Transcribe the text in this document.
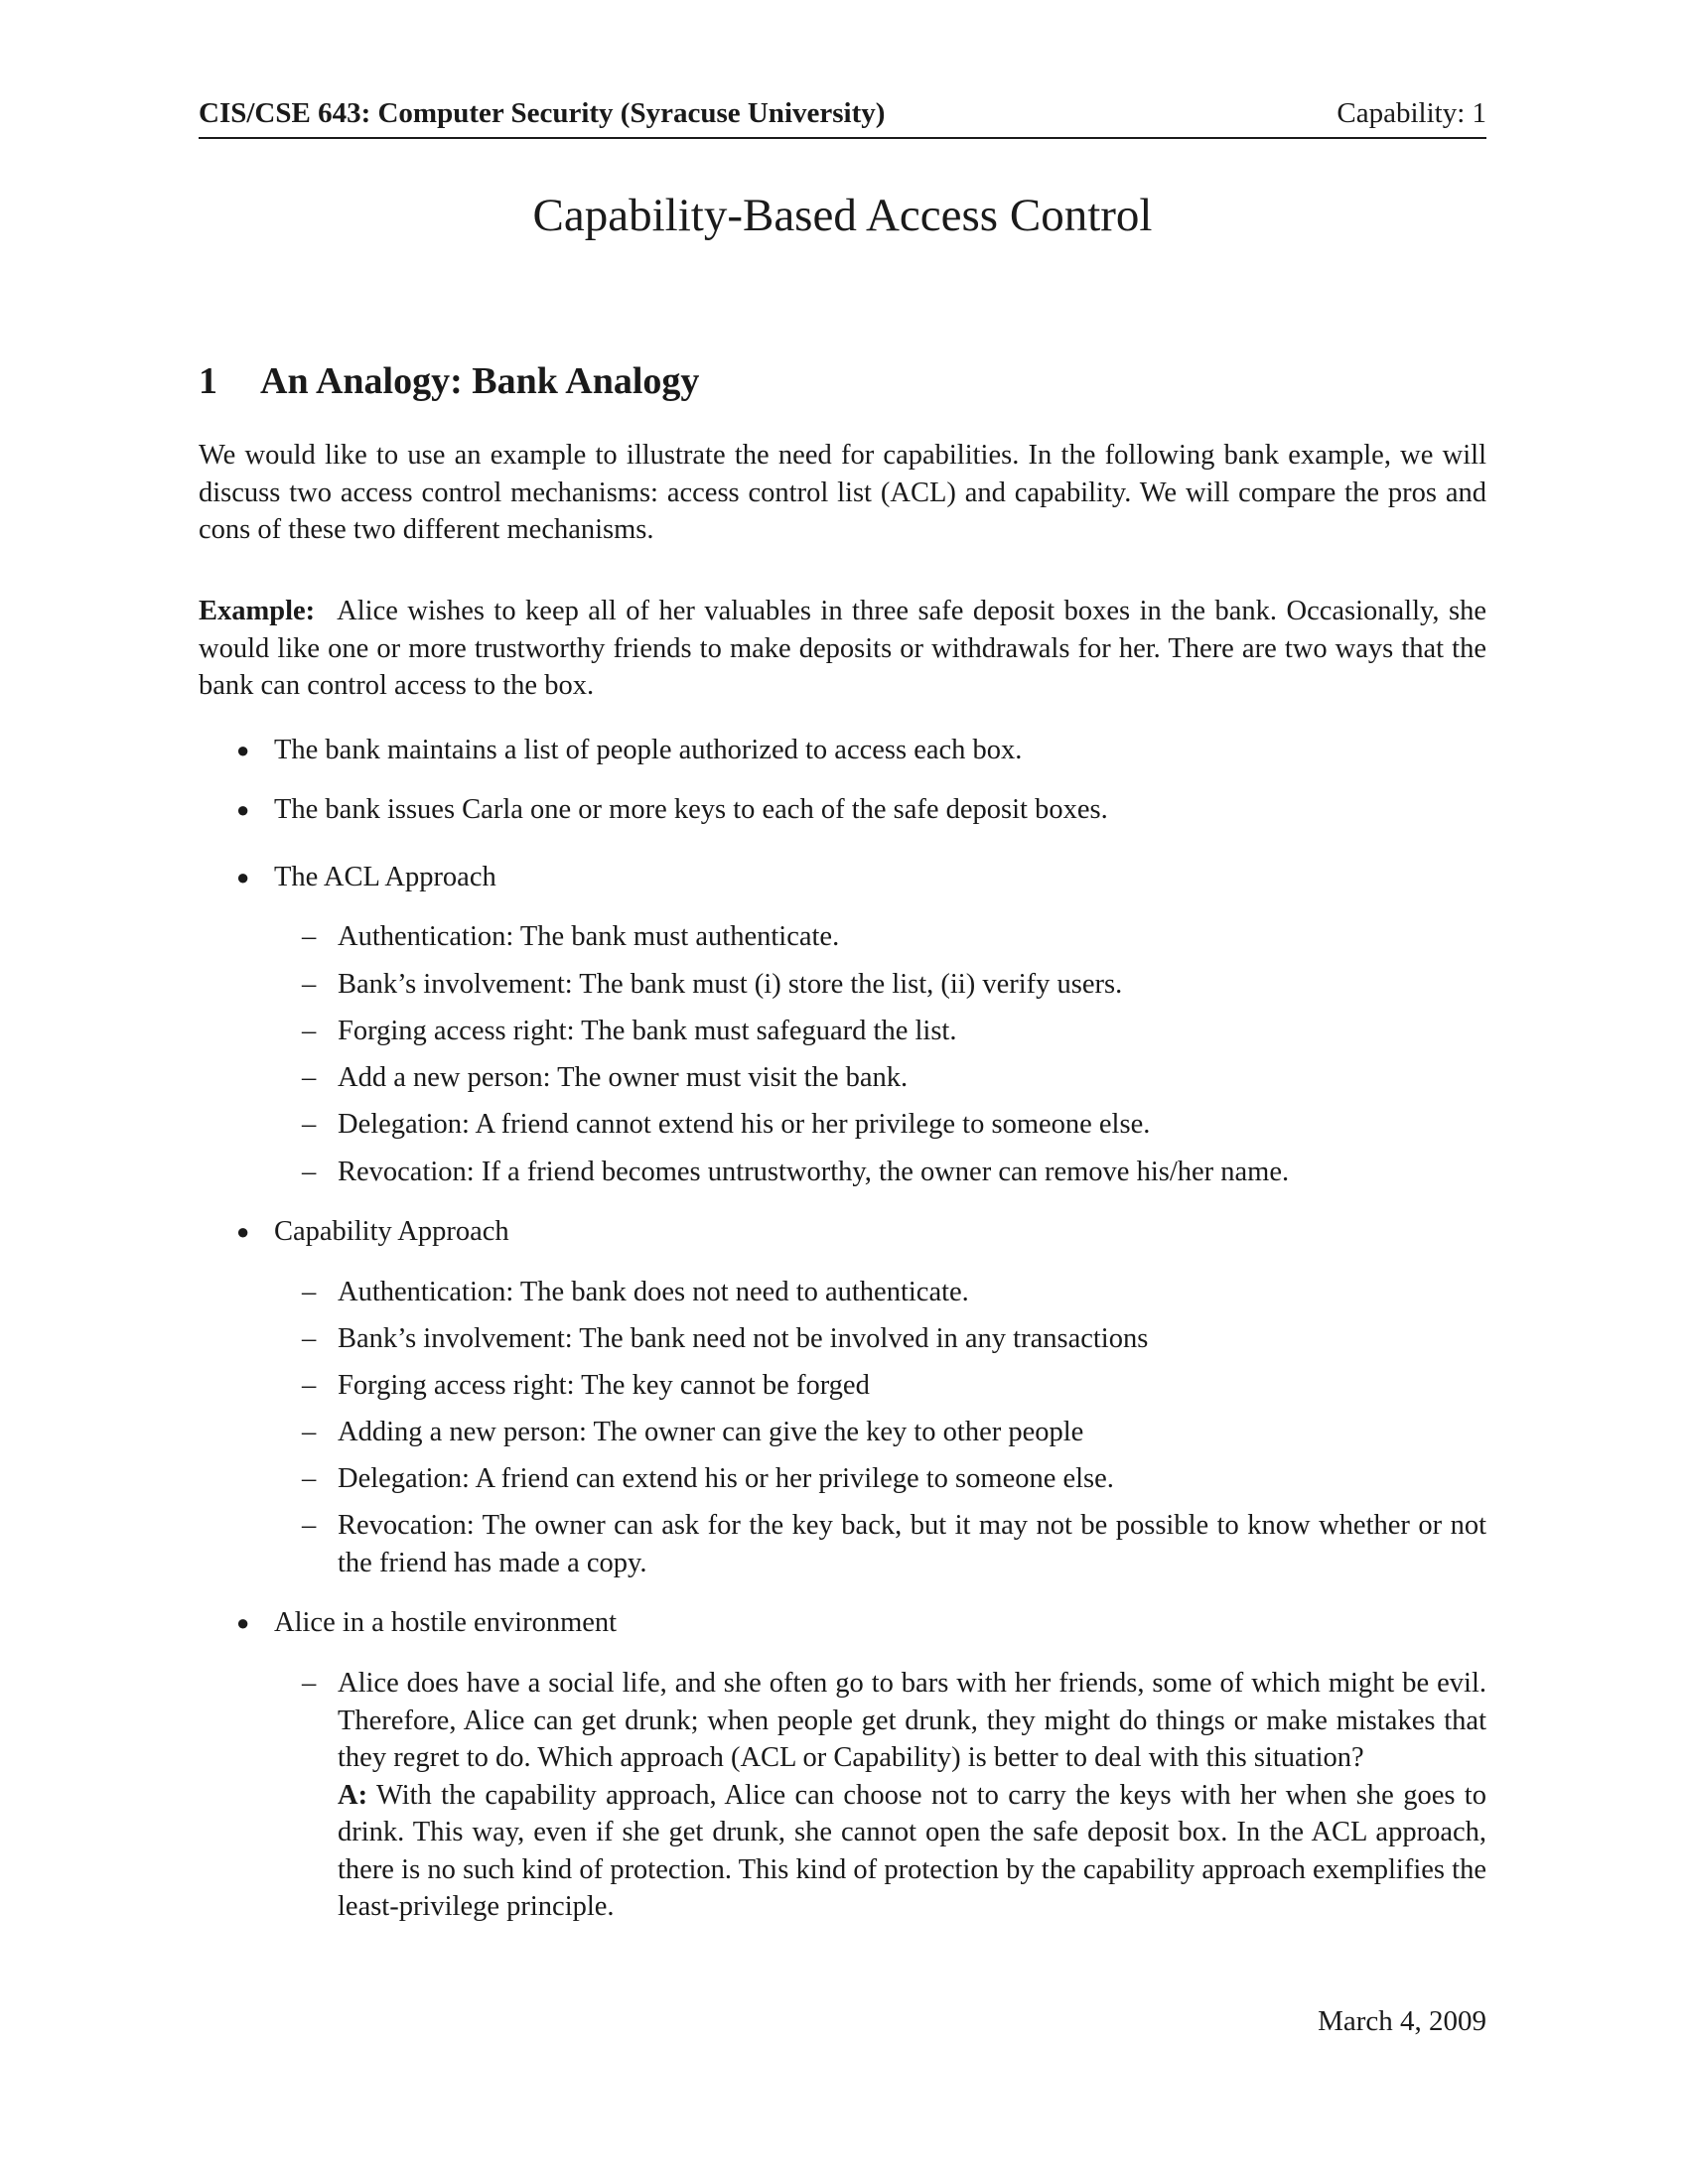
CIS/CSE 643: Computer Security (Syracuse University)	Capability: 1
Capability-Based Access Control
1 An Analogy: Bank Analogy

We would like to use an example to illustrate the need for capabilities. In the following bank example, we will discuss two access control mechanisms: access control list (ACL) and capability. We will compare the pros and cons of these two different mechanisms.

Example: Alice wishes to keep all of her valuables in three safe deposit boxes in the bank. Occasionally, she would like one or more trustworthy friends to make deposits or withdrawals for her. There are two ways that the bank can control access to the box.

● The bank maintains a list of people authorized to access each box.
● The bank issues Carla one or more keys to each of the safe deposit boxes.
● The ACL Approach
– Authentication: The bank must authenticate.
– Bank’s involvement: The bank must (i) store the list, (ii) verify users.
– Forging access right: The bank must safeguard the list.
– Add a new person: The owner must visit the bank.
– Delegation: A friend cannot extend his or her privilege to someone else.
– Revocation: If a friend becomes untrustworthy, the owner can remove his/her name.
● Capability Approach
– Authentication: The bank does not need to authenticate.
– Bank’s involvement: The bank need not be involved in any transactions
– Forging access right: The key cannot be forged
– Adding a new person: The owner can give the key to other people
– Delegation: A friend can extend his or her privilege to someone else.
– Revocation: The owner can ask for the key back, but it may not be possible to know whether or not the friend has made a copy.
● Alice in a hostile environment
– Alice does have a social life, and she often go to bars with her friends, some of which might be evil. Therefore, Alice can get drunk; when people get drunk, they might do things or make mistakes that they regret to do. Which approach (ACL or Capability) is better to deal with this situation?
A: With the capability approach, Alice can choose not to carry the keys with her when she goes to drink. This way, even if she get drunk, she cannot open the safe deposit box. In the ACL approach, there is no such kind of protection. This kind of protection by the capability approach exemplifies the least-privilege principle.
March 4, 2009
